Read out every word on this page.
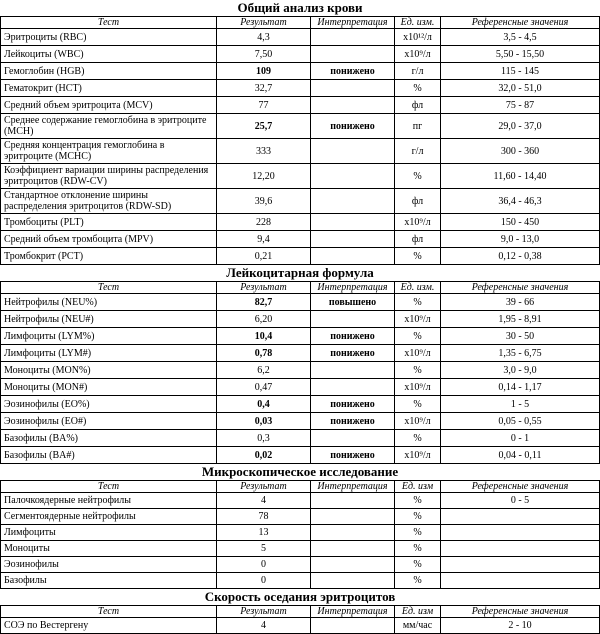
Общий анализ крови
Тест	Результат	Интерпретация	Ед. изм.	Референсные значения
Эритроциты (RBC)	4,3		x10¹²/л	3,5 - 4,5
Лейкоциты (WBC)	7,50		x10⁹/л	5,50 - 15,50
Гемоглобин (HGB)	109	понижено	г/л	115 - 145
Гематокрит (HCT)	32,7		%	32,0 - 51,0
Средний объем эритроцита (MCV)	77		фл	75 - 87
Среднее содержание гемоглобина в эритроците (MCH)	25,7	понижено	пг	29,0 - 37,0
Средняя концентрация гемоглобина в эритроците (MCHC)	333		г/л	300 - 360
Коэффициент вариации ширины распределения эритроцитов (RDW-CV)	12,20		%	11,60 - 14,40
Стандартное отклонение ширины распределения эритроцитов (RDW-SD)	39,6		фл	36,4 - 46,3
Тромбоциты (PLT)	228		x10⁹/л	150 - 450
Средний объем тромбоцита (MPV)	9,4		фл	9,0 - 13,0
Тромбокрит (PCT)	0,21		%	0,12 - 0,38
Лейкоцитарная формула
Тест	Результат	Интерпретация	Ед. изм.	Референсные значения
Нейтрофилы (NEU%)	82,7	повышено	%	39 - 66
Нейтрофилы (NEU#)	6,20		x10⁹/л	1,95 - 8,91
Лимфоциты (LYM%)	10,4	понижено	%	30 - 50
Лимфоциты (LYM#)	0,78	понижено	x10⁹/л	1,35 - 6,75
Моноциты (MON%)	6,2		%	3,0 - 9,0
Моноциты (MON#)	0,47		x10⁹/л	0,14 - 1,17
Эозинофилы (EO%)	0,4	понижено	%	1 - 5
Эозинофилы (EO#)	0,03	понижено	x10⁹/л	0,05 - 0,55
Базофилы (BA%)	0,3		%	0 - 1
Базофилы (BA#)	0,02	понижено	x10⁹/л	0,04 - 0,11
Микроскопическое исследование
Тест	Результат	Интерпретация	Ед. изм	Референсные значения
Палочкоядерные нейтрофилы	4		%	0 - 5
Сегментоядерные нейтрофилы	78		%	
Лимфоциты	13		%	
Моноциты	5		%	
Эозинофилы	0		%	
Базофилы	0		%	
Скорость оседания эритроцитов
Тест	Результат	Интерпретация	Ед. изм	Референсные значения
СОЭ по Вестергену	4		мм/час	2 - 10
